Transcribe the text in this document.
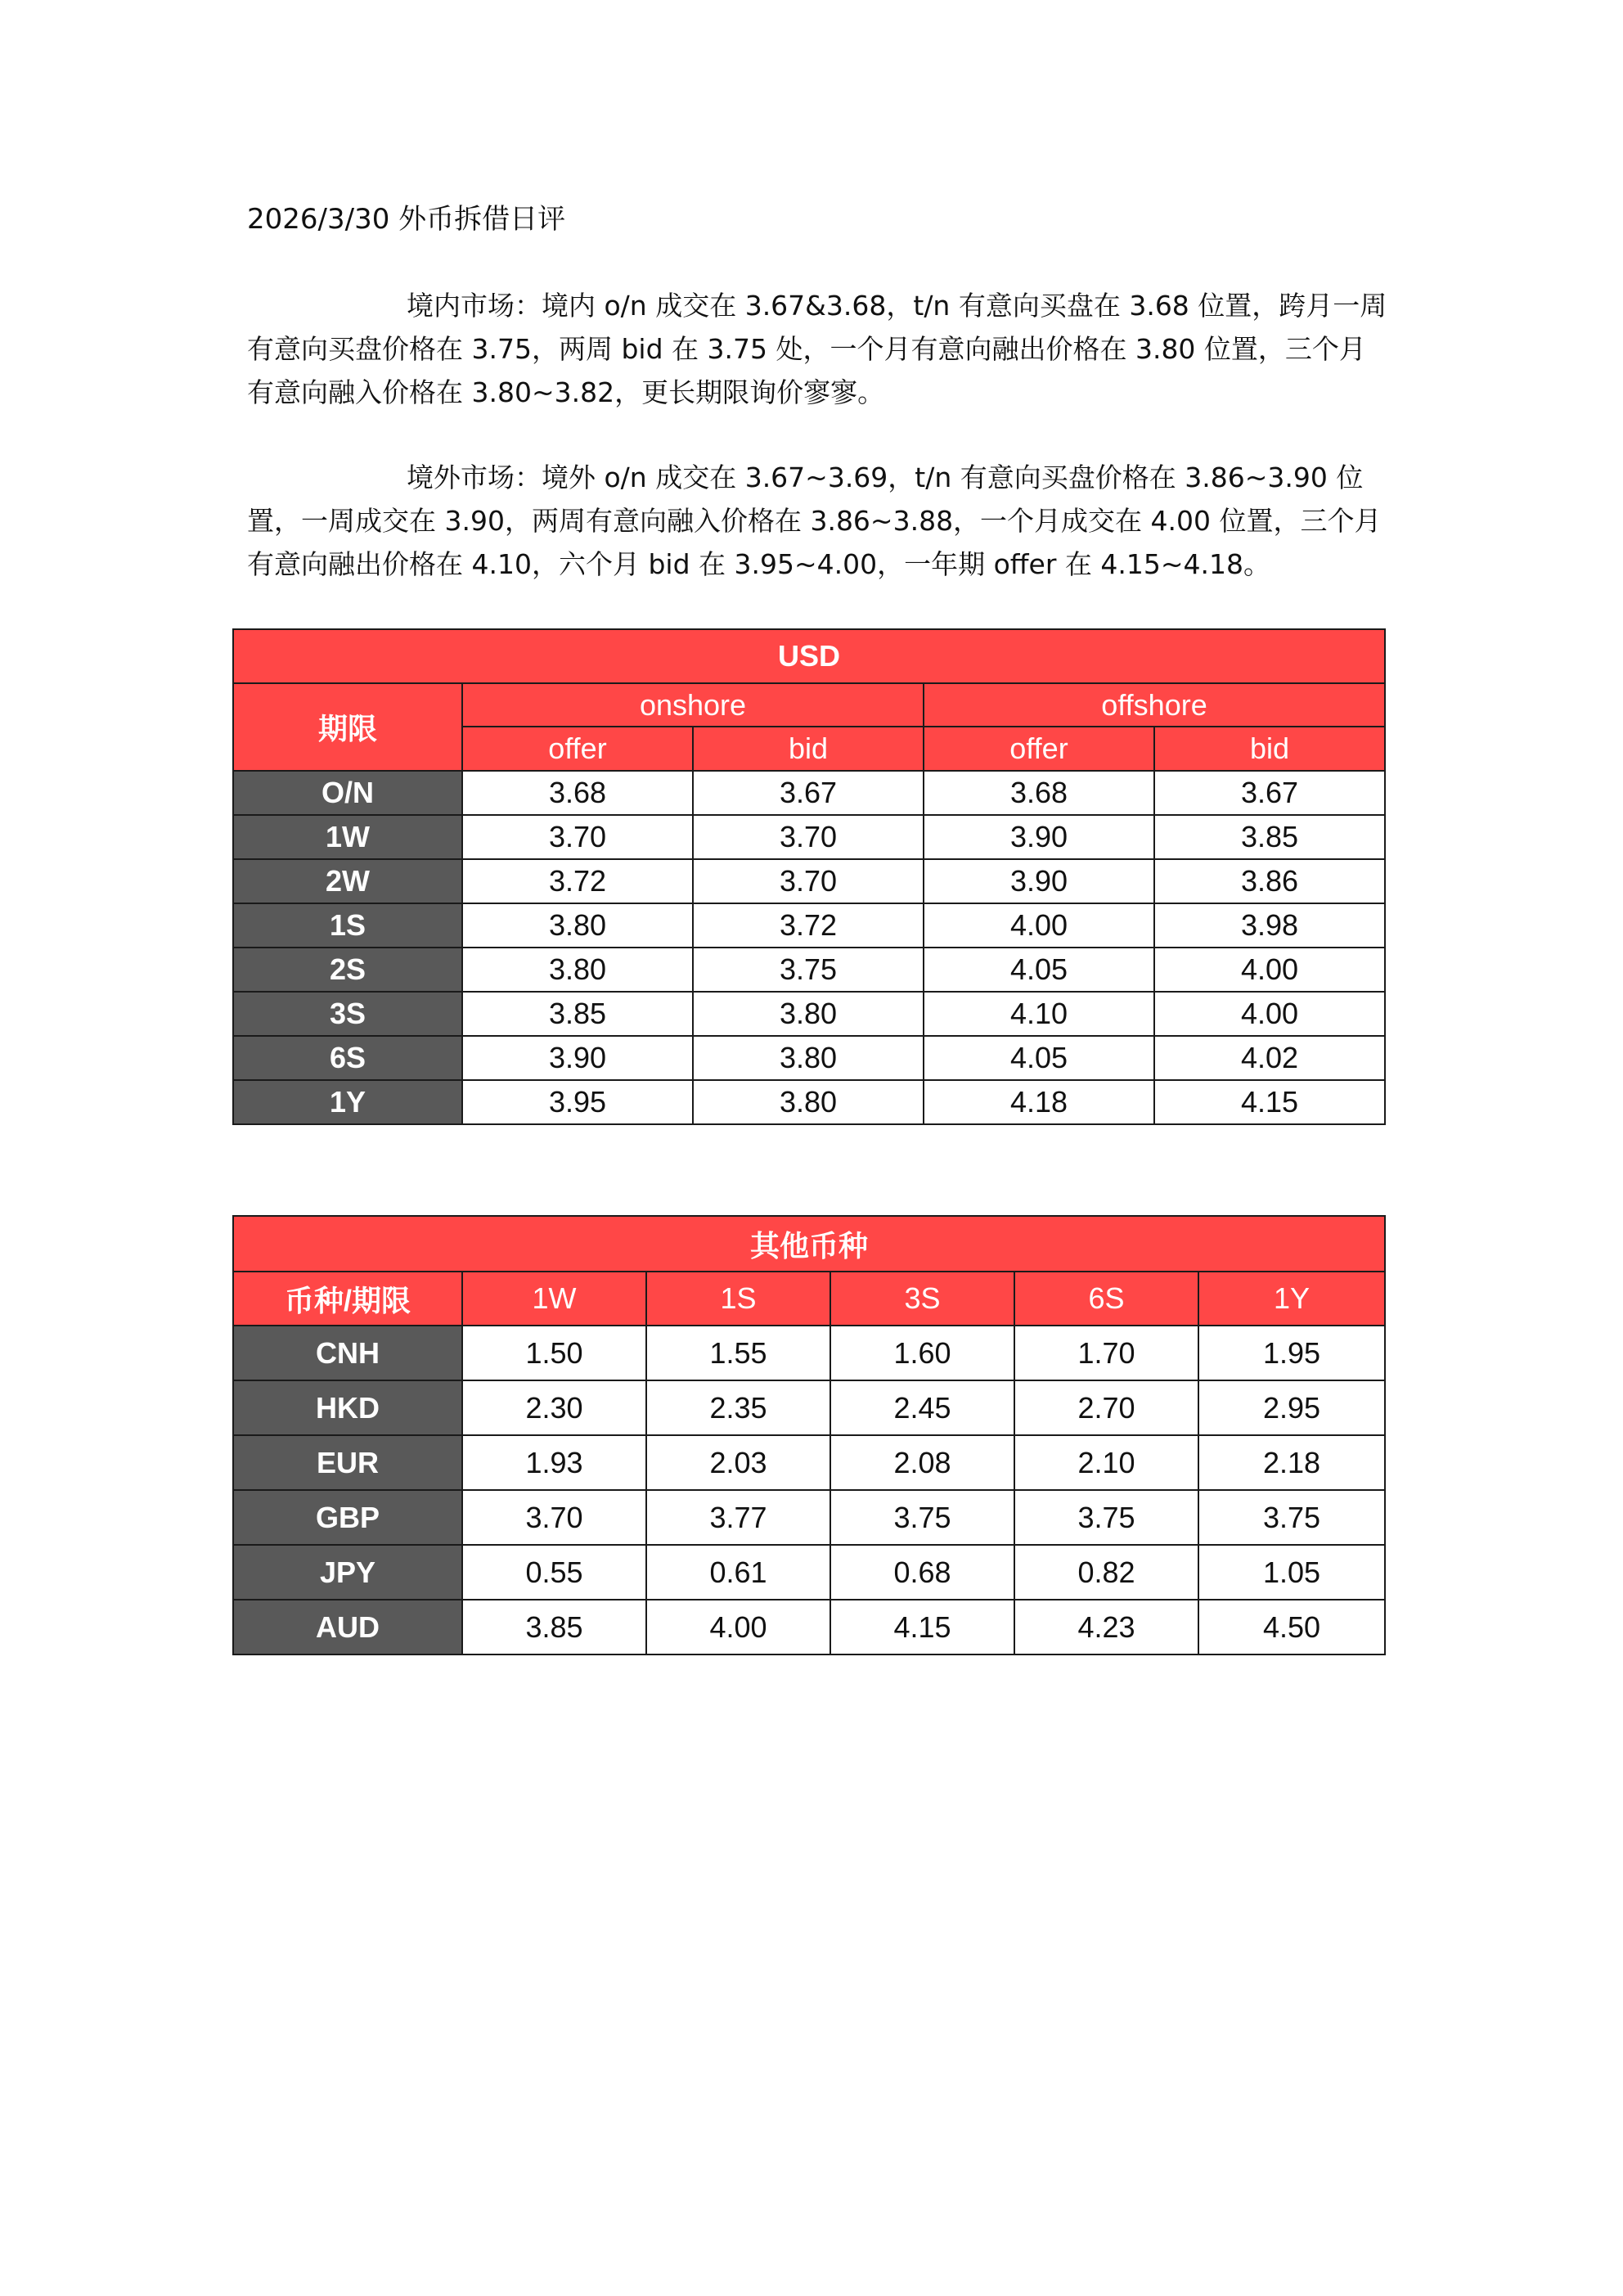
2026/3/30 外币拆借日评
境内市场：境内 o/n 成交在 3.67&3.68，t/n 有意向买盘在 3.68 位置，跨月一周有意向买盘价格在 3.75，两周 bid 在 3.75 处，一个月有意向融出价格在 3.80 位置，三个月有意向融入价格在 3.80~3.82，更长期限询价寥寥。
境外市场：境外 o/n 成交在 3.67~3.69，t/n 有意向买盘价格在 3.86~3.90 位置，一周成交在 3.90，两周有意向融入价格在 3.86~3.88，一个月成交在 4.00 位置，三个月有意向融出价格在 4.10，六个月 bid 在 3.95~4.00，一年期 offer 在 4.15~4.18。
USD				
期限	onshore		offshore	
	offer	bid	offer	bid
O/N	3.68	3.67	3.68	3.67
1W	3.70	3.70	3.90	3.85
2W	3.72	3.70	3.90	3.86
1S	3.80	3.72	4.00	3.98
2S	3.80	3.75	4.05	4.00
3S	3.85	3.80	4.10	4.00
6S	3.90	3.80	4.05	4.02
1Y	3.95	3.80	4.18	4.15
其他币种					
币种/期限	1W	1S	3S	6S	1Y
CNH	1.50	1.55	1.60	1.70	1.95
HKD	2.30	2.35	2.45	2.70	2.95
EUR	1.93	2.03	2.08	2.10	2.18
GBP	3.70	3.77	3.75	3.75	3.75
JPY	0.55	0.61	0.68	0.82	1.05
AUD	3.85	4.00	4.15	4.23	4.50
